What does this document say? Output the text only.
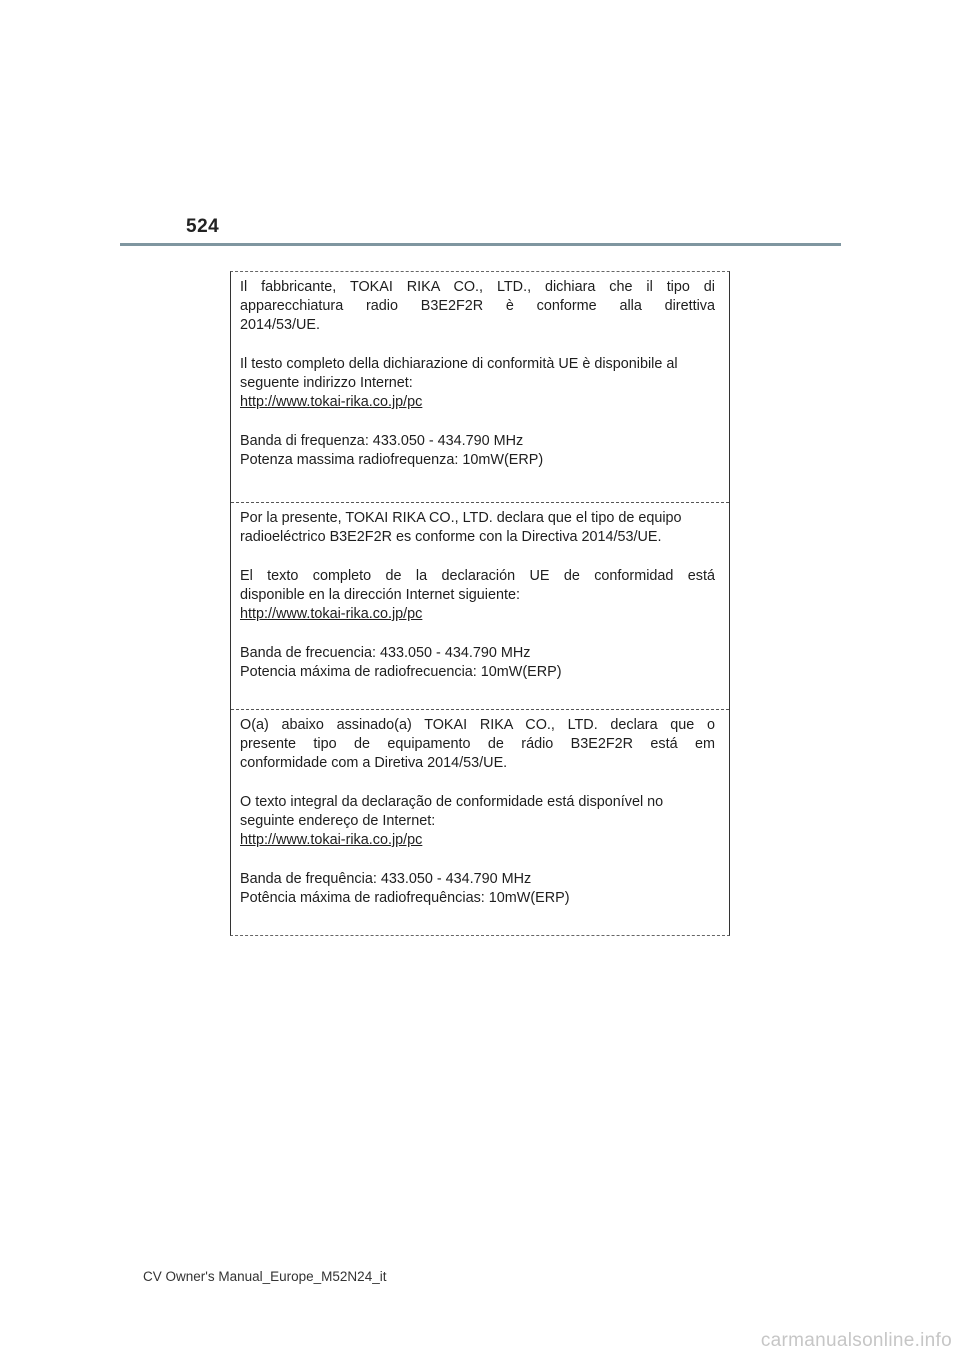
524

Il fabbricante, TOKAI RIKA CO., LTD., dichiara che il tipo di
apparecchiatura radio B3E2F2R è conforme alla direttiva
2014/53/UE.

Il testo completo della dichiarazione di conformità UE è disponibile al
seguente indirizzo Internet:
http://www.tokai-rika.co.jp/pc

Banda di frequenza: 433.050 - 434.790 MHz
Potenza massima radiofrequenza: 10mW(ERP)

Por la presente, TOKAI RIKA CO., LTD. declara que el tipo de equipo
radioeléctrico B3E2F2R es conforme con la Directiva 2014/53/UE.

El texto completo de la declaración UE de conformidad está
disponible en la dirección Internet siguiente:
http://www.tokai-rika.co.jp/pc

Banda de frecuencia: 433.050 - 434.790 MHz
Potencia máxima de radiofrecuencia: 10mW(ERP)

O(a) abaixo assinado(a) TOKAI RIKA CO., LTD. declara que o
presente tipo de equipamento de rádio B3E2F2R está em
conformidade com a Diretiva 2014/53/UE.

O texto integral da declaração de conformidade está disponível no
seguinte endereço de Internet:
http://www.tokai-rika.co.jp/pc

Banda de frequência: 433.050 - 434.790 MHz
Potência máxima de radiofrequências: 10mW(ERP)

CV Owner's Manual_Europe_M52N24_it
carmanualsonline.info
